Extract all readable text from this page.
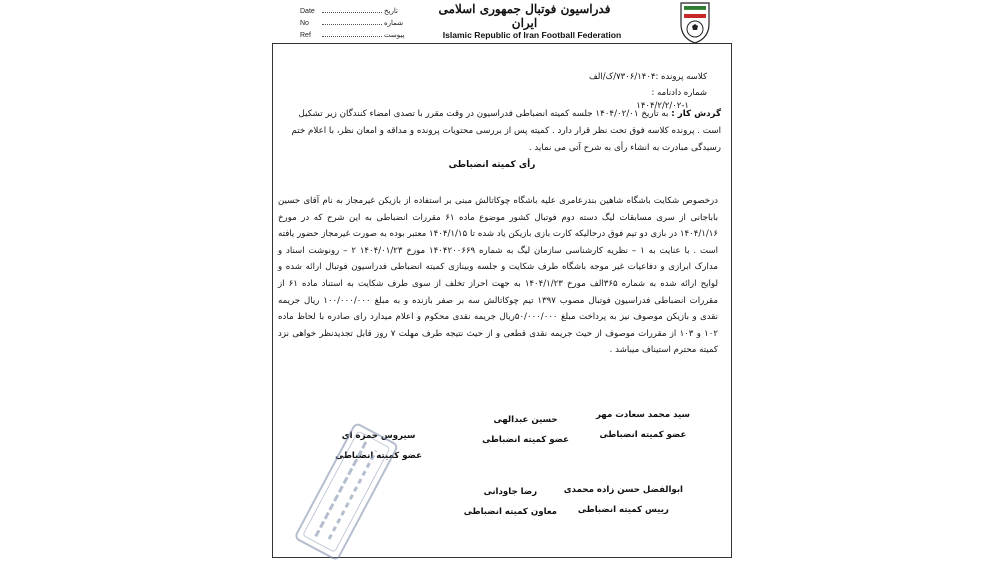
Date	تاریخ
No	شماره
Ref	پیوست
فدراسیون فوتبال جمهوری اسلامی ایران
Islamic Republic of Iran Football Federation
کلاسه پرونده :۷۳۰۶/۱۴۰۴/ک/الف
شماره دادنامه :
۱۴۰۴/۲/۲/۰۲-۱
گردش کار : به تاریخ ۱۴۰۴/۰۲/۰۱ جلسه کمیته انضباطی فدراسیون در وقت مقرر با تصدی امضاء کنندگان زیر تشکیل است . پرونده کلاسه فوق تحت نظر قرار دارد . کمیته پس از بررسی محتویات پرونده و مداقه و امعان نظر، با اعلام ختم رسیدگی مبادرت به انشاء رأی به شرح آتی می نماید .
رأی کمیته انضباطی
درخصوص شکایت باشگاه شاهین بندرعامری علیه باشگاه چوکاتالش مبنی بر استفاده از بازیکن غیرمجاز به نام آقای حسین باباجانی از سری مسابقات لیگ دسته دوم فوتبال کشور موضوع ماده ۶۱ مقررات انضباطی به این شرح که در مورخ ۱۴۰۴/۱/۱۶ در بازی دو تیم فوق درحالیکه کارت بازی بازیکن یاد شده تا ۱۴۰۴/۱/۱۵ معتبر بوده به صورت غیرمجاز حضور یافته است . با عنایت به ۱ – نظریه کارشناسی سازمان لیگ به شماره ۱۴۰۴۲۰۰۶۶۹ مورخ ۱۴۰۴/۰۱/۲۳ ۲ – رونوشت اسناد و مدارک ابرازی و دفاعیات غیر موجه باشگاه طرف شکایت و جلسه وبینازی کمیته انضباطی فدراسیون فوتبال ارائه شده و لوایح ارائه شده به شماره ۳۶۵الف مورخ ۱۴۰۴/۱/۲۳ به جهت احراز تخلف از سوی طرف شکایت به استناد ماده ۶۱ از مقررات انضباطی فدراسیون فوتبال مصوب ۱۳۹۷ تیم چوکاتالش سه بر صفر بازنده و به مبلغ ۱۰۰/۰۰۰/۰۰۰ ریال جریمه نقدی و بازیکن موصوف نیز به پرداخت مبلغ ۵۰/۰۰۰/۰۰۰ریال جریمه نقدی محکوم و اعلام میدارد رای صادره با لحاظ ماده ۱۰۲ و ۱۰۳ از مقررات موصوف از حیث جریمه نقدی قطعی و از حیث نتیجه طرف مهلت ۷ روز قابل تجدیدنظر خواهی نزد کمیته محترم استیناف میباشد .
سید محمد سعادت مهر
عضو کمیته انضباطی
حسین عبدالهی
عضو کمیته انضباطی
سیروس حمزه ای
عضو کمیته انضباطی
ابوالفضل حسن زاده محمدی
رییس کمیته انضباطی
رضا جاودانی
معاون کمیته انضباطی
